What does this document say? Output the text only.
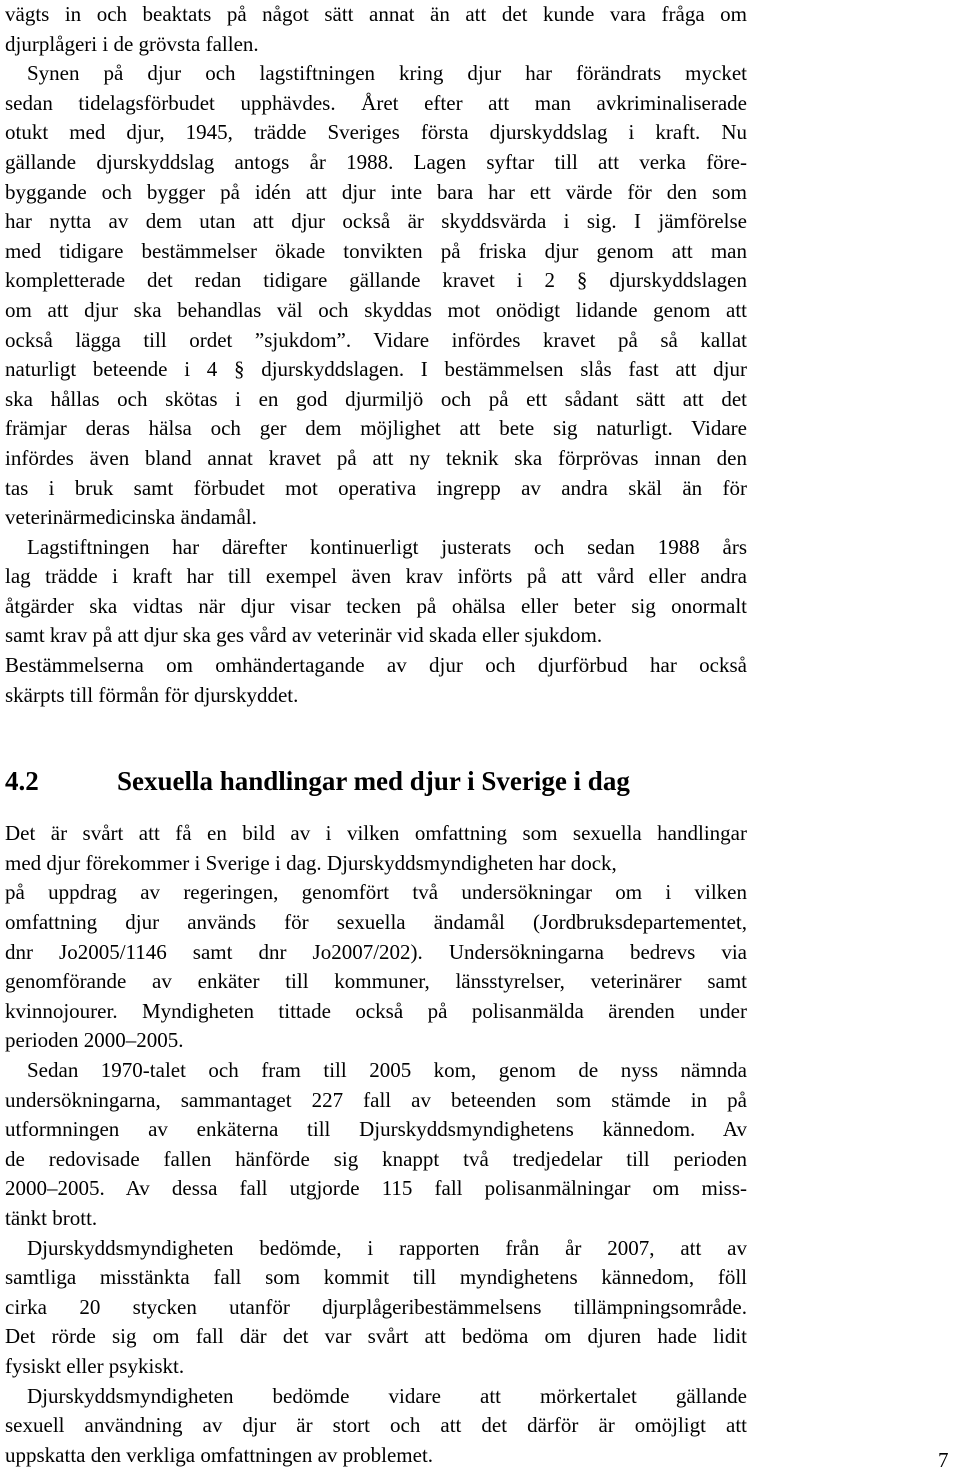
vägts in och beaktats på något sätt annat än att det kunde vara fråga om
djurplågeri i de grövsta fallen.
Synen på djur och lagstiftningen kring djur har förändrats mycket
sedan tidelagsförbudet upphävdes. Året efter att man avkriminaliserade
otukt med djur, 1945, trädde Sveriges första djurskyddslag i kraft. Nu
gällande djurskyddslag antogs år 1988. Lagen syftar till att verka före-
byggande och bygger på idén att djur inte bara har ett värde för den som
har nytta av dem utan att djur också är skyddsvärda i sig. I jämförelse
med tidigare bestämmelser ökade tonvikten på friska djur genom att man
kompletterade det redan tidigare gällande kravet i 2 § djurskyddslagen
om att djur ska behandlas väl och skyddas mot onödigt lidande genom att
också lägga till ordet ”sjukdom”. Vidare infördes kravet på så kallat
naturligt beteende i 4 § djurskyddslagen. I bestämmelsen slås fast att djur
ska hållas och skötas i en god djurmiljö och på ett sådant sätt att det
främjar deras hälsa och ger dem möjlighet att bete sig naturligt. Vidare
infördes även bland annat kravet på att ny teknik ska förprövas innan den
tas i bruk samt förbudet mot operativa ingrepp av andra skäl än för
veterinärmedicinska ändamål.
Lagstiftningen har därefter kontinuerligt justerats och sedan 1988 års
lag trädde i kraft har till exempel även krav införts på att vård eller andra
åtgärder ska vidtas när djur visar tecken på ohälsa eller beter sig onormalt
samt krav på att djur ska ges vård av veterinär vid skada eller sjukdom.
Bestämmelserna om omhändertagande av djur och djurförbud har också
skärpts till förmån för djurskyddet.
4.2	Sexuella handlingar med djur i Sverige i dag
Det är svårt att få en bild av i vilken omfattning som sexuella handlingar
med djur förekommer i Sverige i dag. Djurskyddsmyndigheten har dock,
på uppdrag av regeringen, genomfört två undersökningar om i vilken
omfattning djur används för sexuella ändamål (Jordbruksdepartementet,
dnr Jo2005/1146 samt dnr Jo2007/202). Undersökningarna bedrevs via
genomförande av enkäter till kommuner, länsstyrelser, veterinärer samt
kvinnojourer. Myndigheten tittade också på polisanmälda ärenden under
perioden 2000–2005.
Sedan 1970-talet och fram till 2005 kom, genom de nyss nämnda
undersökningarna, sammantaget 227 fall av beteenden som stämde in på
utformningen av enkäterna till Djurskyddsmyndighetens kännedom. Av
de redovisade fallen hänförde sig knappt två tredjedelar till perioden
2000–2005. Av dessa fall utgjorde 115 fall polisanmälningar om miss-
tänkt brott.
Djurskyddsmyndigheten bedömde, i rapporten från år 2007, att av
samtliga misstänkta fall som kommit till myndighetens kännedom, föll
cirka 20 stycken utanför djurplågeribestämmelsens tillämpningsområde.
Det rörde sig om fall där det var svårt att bedöma om djuren hade lidit
fysiskt eller psykiskt.
Djurskyddsmyndigheten bedömde vidare att mörkertalet gällande
sexuell användning av djur är stort och att det därför är omöjligt att
uppskatta den verkliga omfattningen av problemet.	7
